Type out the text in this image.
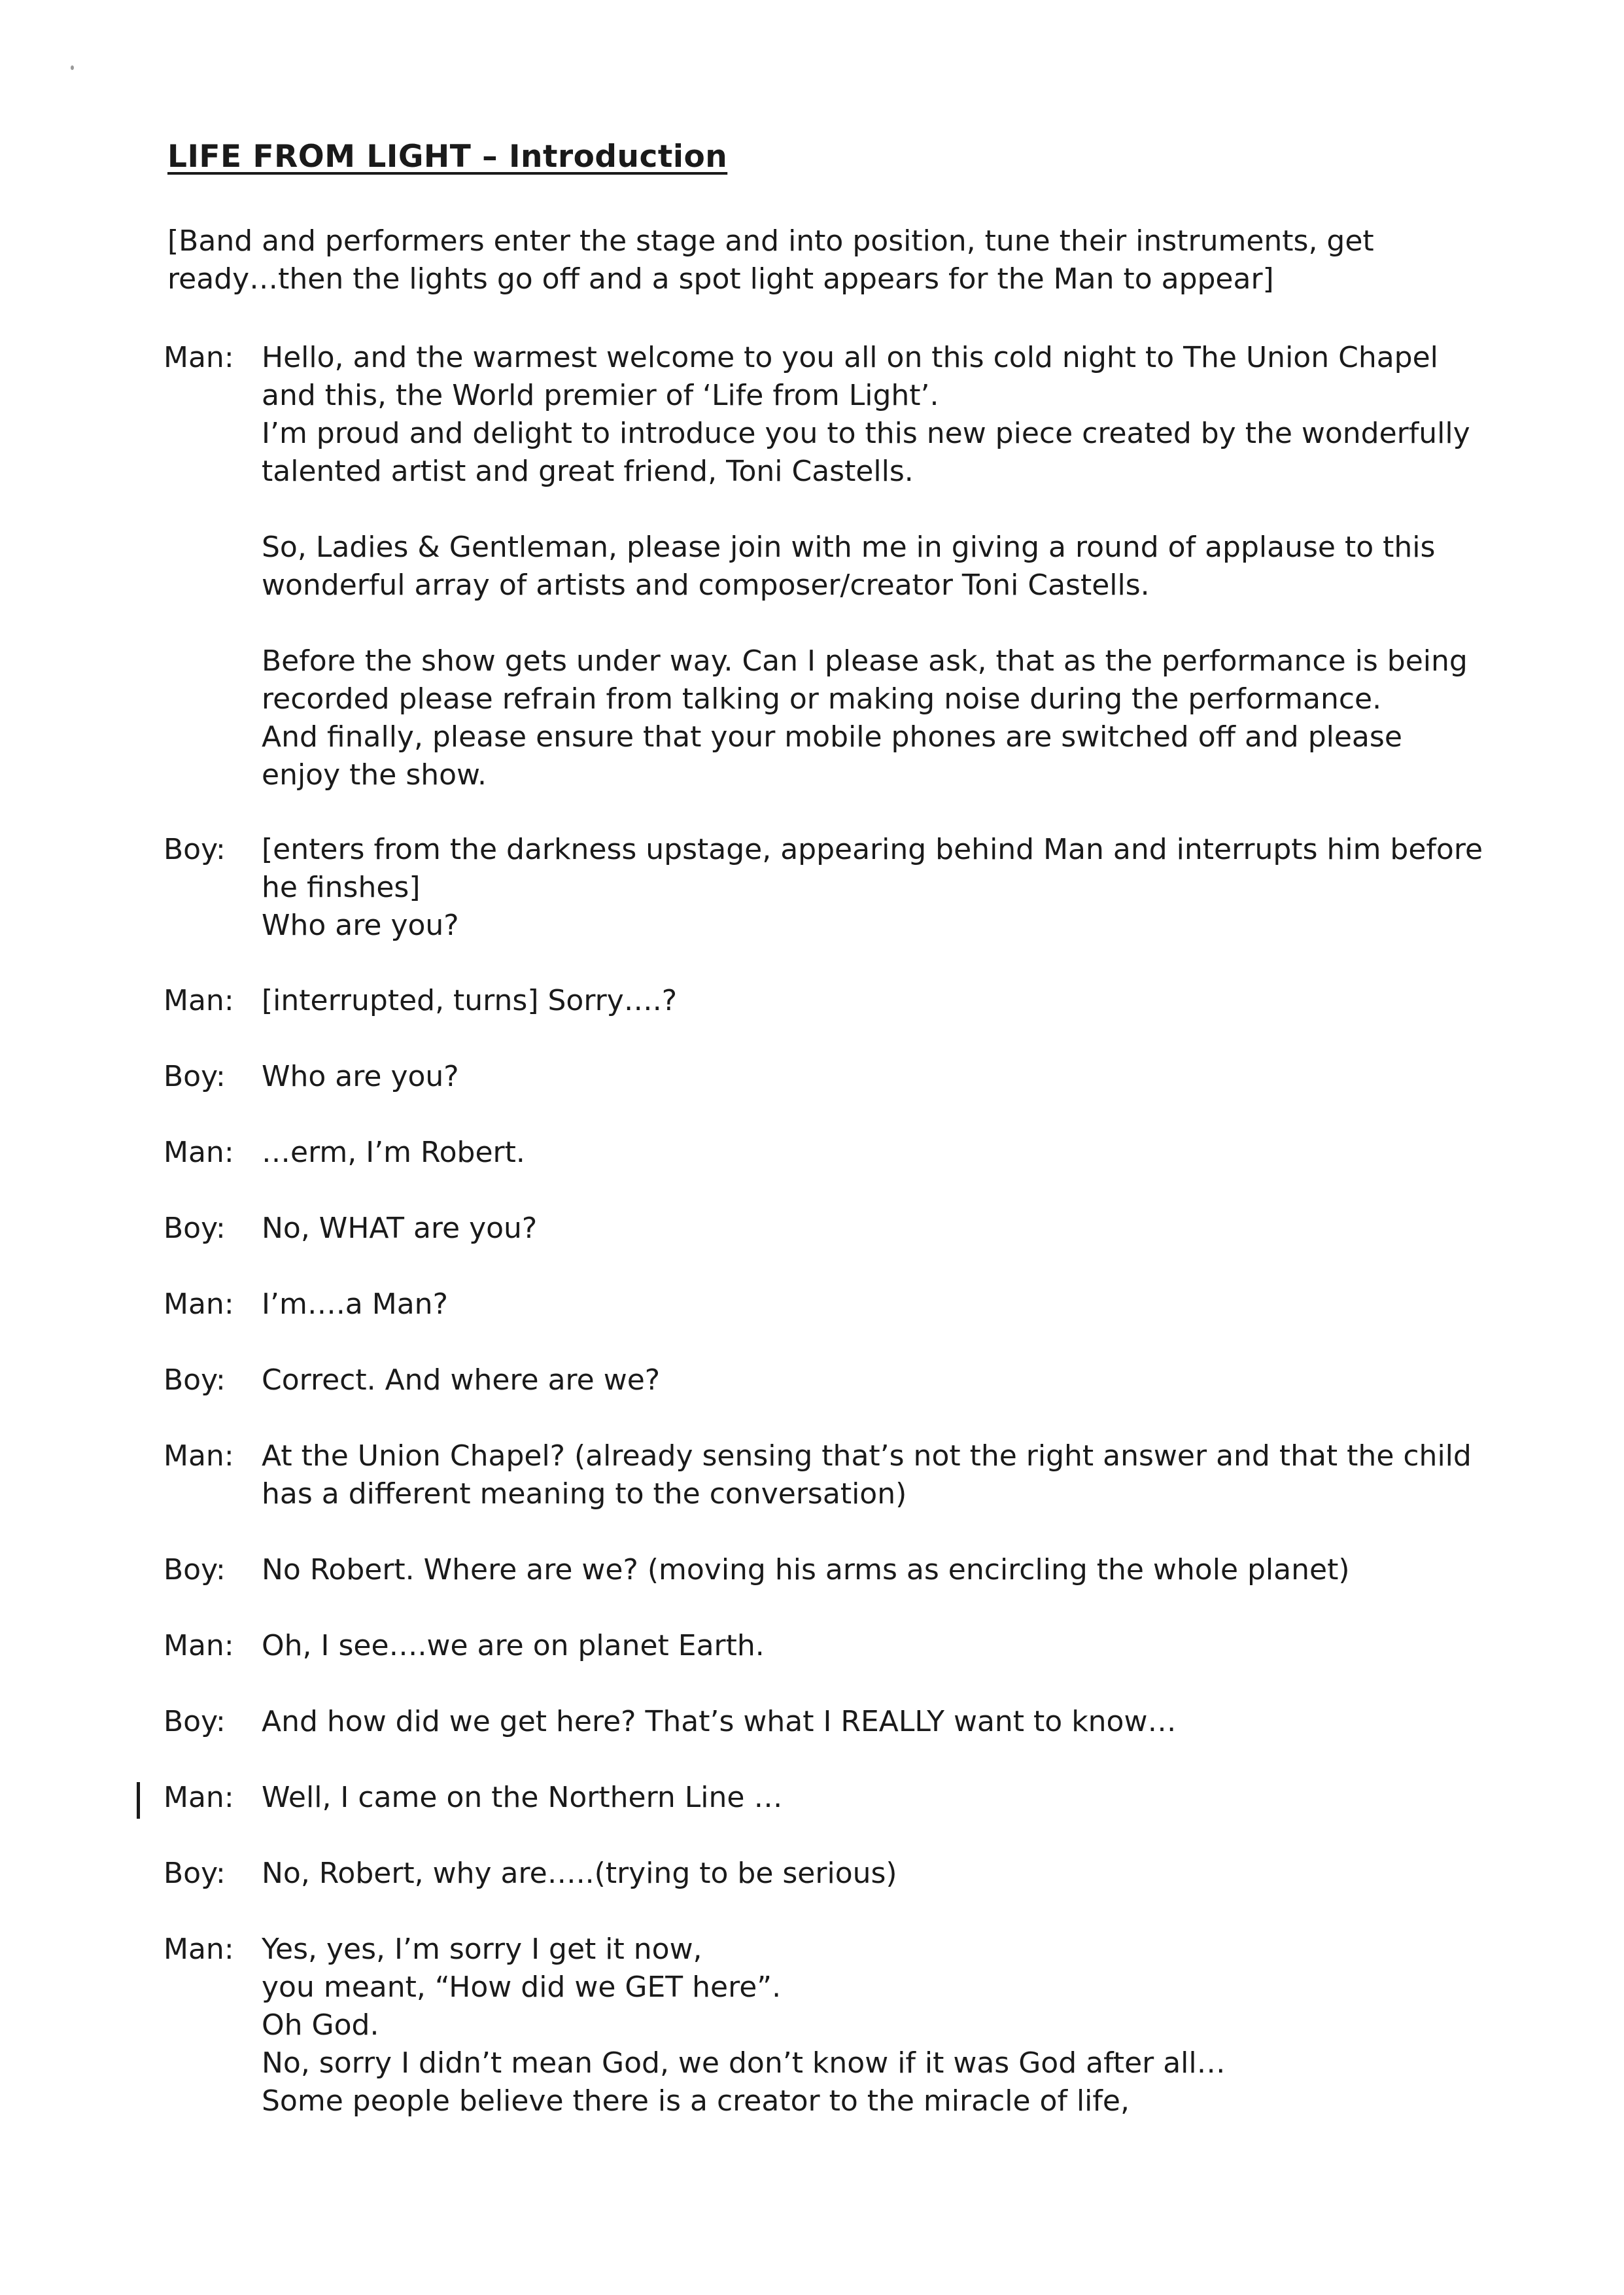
LIFE FROM LIGHT – Introduction
[Band and performers enter the stage and into position, tune their instruments, get ready…then the lights go off and a spot light appears for the Man to appear]
Man: Hello, and the warmest welcome to you all on this cold night to The Union Chapel and this, the World premier of ‘Life from Light’.
I’m proud and delight to introduce you to this new piece created by the wonderfully talented artist and great friend, Toni Castells.
So, Ladies & Gentleman, please join with me in giving a round of applause to this wonderful array of artists and composer/creator Toni Castells.
Before the show gets under way. Can I please ask, that as the performance is being recorded please refrain from talking or making noise during the performance.
And finally, please ensure that your mobile phones are switched off and please enjoy the show.
Boy:	[enters from the darkness upstage, appearing behind Man and interrupts him before he finshes]
Who are you?
Man: [interrupted, turns] Sorry….?
Boy:	Who are you?
Man: …erm, I’m Robert.
Boy:	No, WHAT are you?
Man: I’m….a Man?
Boy:	Correct. And where are we?
Man: At the Union Chapel? (already sensing that’s not the right answer and that the child has a different meaning to the conversation)
Boy:	No Robert. Where are we? (moving his arms as encircling the whole planet)
Man: Oh, I see….we are on planet Earth.
Boy:	And how did we get here? That’s what I REALLY want to know…
Man: Well, I came on the Northern Line …
Boy:	No, Robert, why are…..(trying to be serious)
Man: Yes, yes, I’m sorry I get it now,
you meant, “How did we GET here”.
Oh God.
No, sorry I didn’t mean God, we don’t know if it was God after all…
Some people believe there is a creator to the miracle of life,
